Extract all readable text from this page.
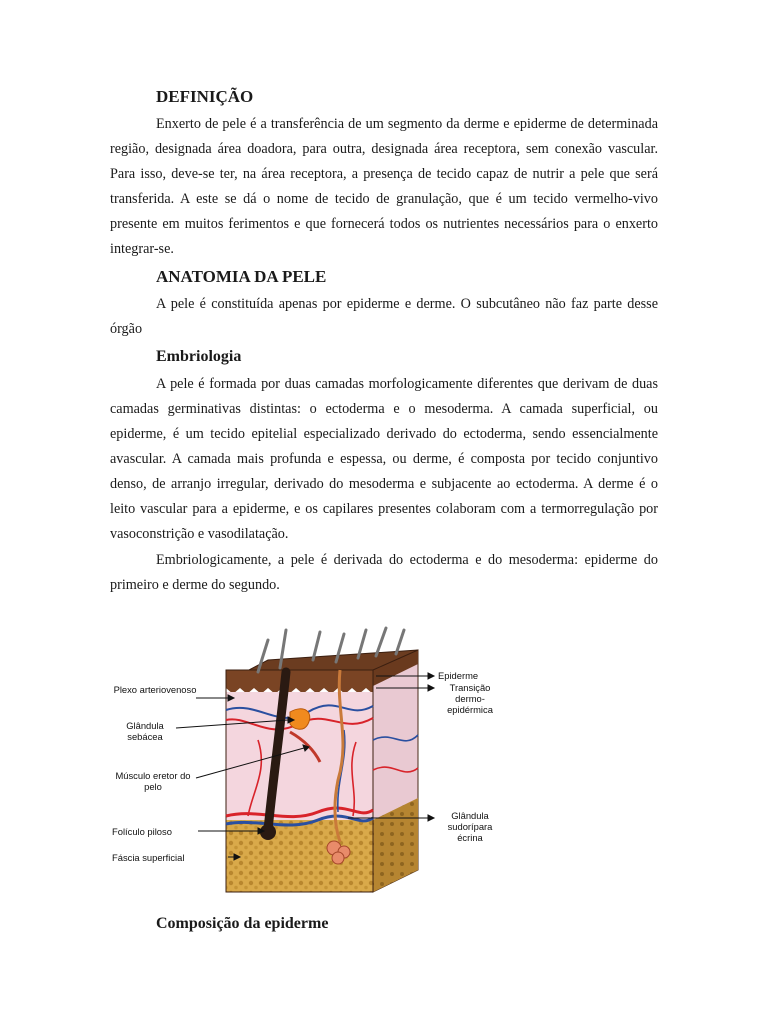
DEFINIÇÃO

Enxerto de pele é a transferência de um segmento da derme e epiderme de determinada região, designada área doadora, para outra, designada área receptora, sem conexão vascular. Para isso, deve-se ter, na área receptora, a presença de tecido capaz de nutrir a pele que será transferida. A este se dá o nome de tecido de granulação, que é um tecido vermelho-vivo presente em muitos ferimentos e que fornecerá todos os nutrientes necessários para o enxerto integrar-se.

ANATOMIA DA PELE

A pele é constituída apenas por epiderme e derme. O subcutâneo não faz parte desse órgão

Embriologia

A pele é formada por duas camadas morfologicamente diferentes que derivam de duas camadas germinativas distintas: o ectoderma e o mesoderma. A camada superficial, ou epiderme, é um tecido epitelial especializado derivado do ectoderma, sendo essencialmente avascular. A camada mais profunda e espessa, ou derme, é composta por tecido conjuntivo denso, de arranjo irregular, derivado do mesoderma e subjacente ao ectoderma. A derme é o leito vascular para a epiderme, e os capilares presentes colaboram com a termorregulação por vasoconstrição e vasodilatação.

Embriologicamente, a pele é derivada do ectoderma e do mesoderma: epiderme do primeiro e derme do segundo.

Plexo arteriovenoso

Glândula sebácea

Músculo eretor do pelo

Folículo piloso

Fáscia superficial

Epiderme

Transição dermo-epidérmica

Glândula sudorípara écrina

Composição da epiderme
